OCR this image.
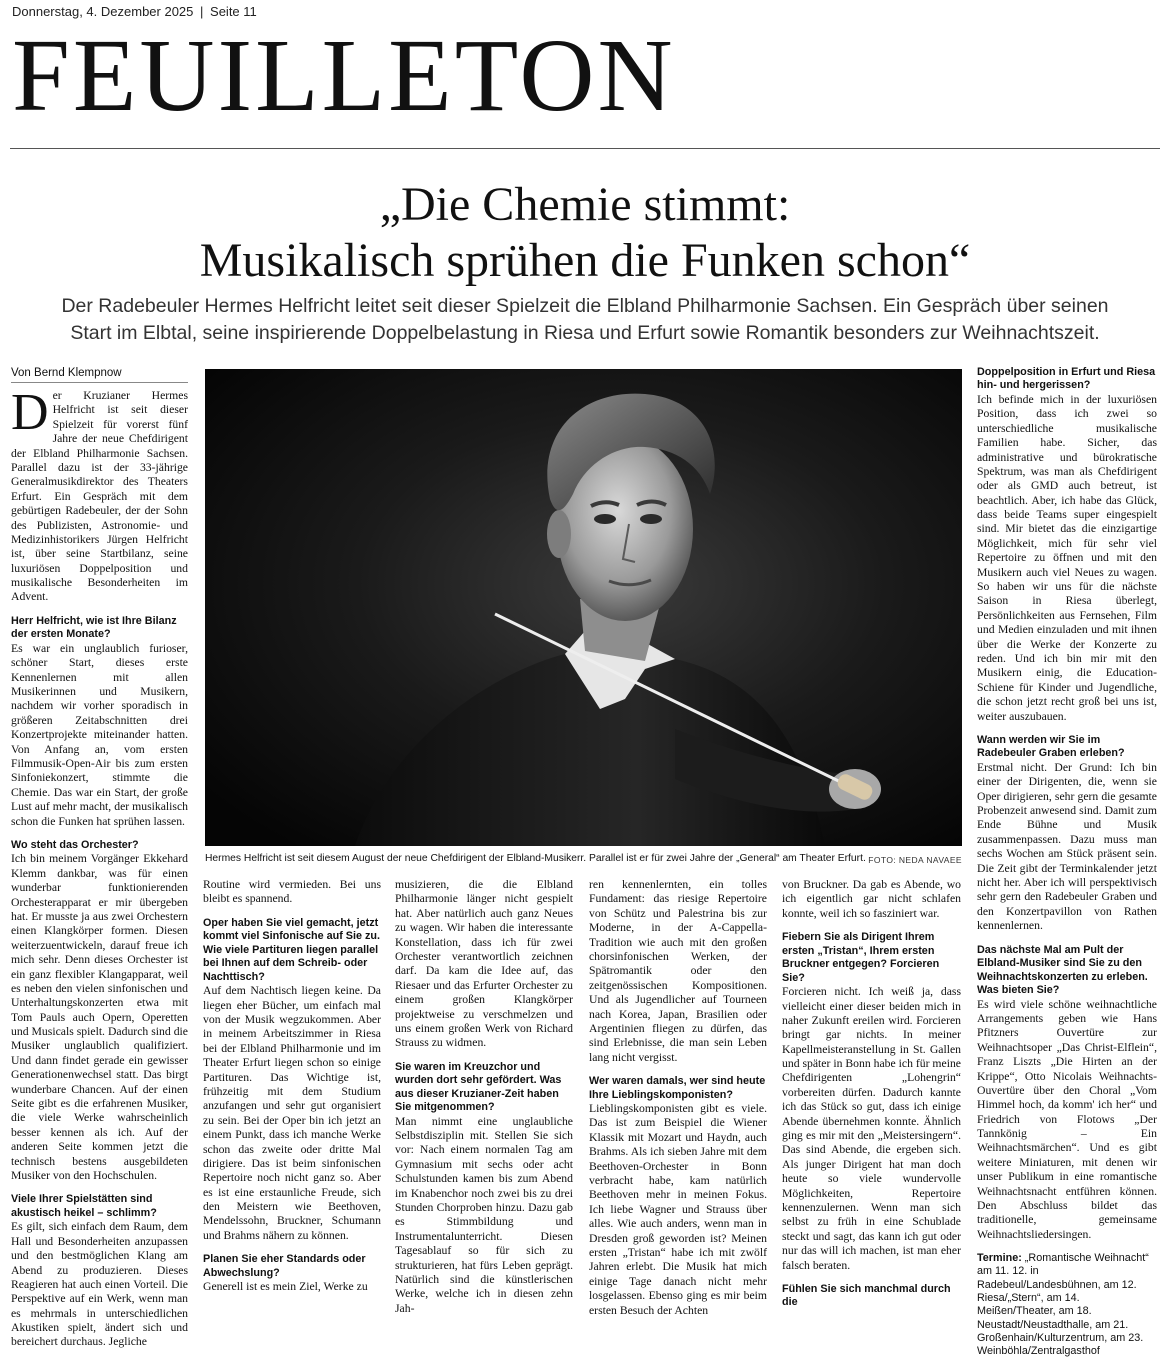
Donnerstag, 4. Dezember 2025 | Seite 11
FEUILLETON
„Die Chemie stimmt:
Musikalisch sprühen die Funken schon“
Der Radebeuler Hermes Helfricht leitet seit dieser Spielzeit die Elbland Philharmonie Sachsen. Ein Gespräch über seinen
Start im Elbtal, seine inspirierende Doppelbelastung in Riesa und Erfurt sowie Romantik besonders zur Weihnachtszeit.
Von Bernd Klempnow
Hermes Helfricht ist seit diesem August der neue Chefdirigent der Elbland-Musikerr. Parallel ist er für zwei Jahre der „General“ am Theater Erfurt. FOTO: NEDA NAVAEE
D er Kruzianer Hermes Helfricht ist seit dieser Spielzeit für vorerst fünf Jahre der neue Chefdirigent der Elbland Philharmonie Sachsen. Parallel dazu ist der 33-jährige Generalmusikdirektor des Theaters Erfurt. Ein Gespräch mit dem gebürtigen Radebeuler, der der Sohn des Publizisten, Astronomie- und Medizinhistorikers Jürgen Helfricht ist, über seine Startbilanz, seine luxuriösen Doppelposition und musikalische Besonderheiten im Advent.

Herr Helfricht, wie ist Ihre Bilanz der ersten Monate?

Es war ein unglaublich furioser, schöner Start, dieses erste Kennenlernen mit allen Musikerinnen und Musikern, nachdem wir vorher sporadisch in größeren Zeitabschnitten drei Konzertprojekte miteinander hatten. Von Anfang an, vom ersten Filmmusik-Open-Air bis zum ersten Sinfoniekonzert, stimmte die Chemie. Das war ein Start, der große Lust auf mehr macht, der musikalisch schon die Funken hat sprühen lassen.

Wo steht das Orchester?

Ich bin meinem Vorgänger Ekkehard Klemm dankbar, was für einen wunderbar funktionierenden Orchesterapparat er mir übergeben hat. Er musste ja aus zwei Orchestern einen Klangkörper formen. Diesen weiterzuentwickeln, darauf freue ich mich sehr. Denn dieses Orchester ist ein ganz flexibler Klangapparat, weil es neben den vielen sinfonischen und Unterhaltungskonzerten etwa mit Tom Pauls auch Opern, Operetten und Musicals spielt. Dadurch sind die Musiker unglaublich qualifiziert. Und dann findet gerade ein gewisser Generationenwechsel statt. Das birgt wunderbare Chancen. Auf der einen Seite gibt es die erfahrenen Musiker, die viele Werke wahrscheinlich besser kennen als ich. Auf der anderen Seite kommen jetzt die technisch bestens ausgebildeten Musiker von den Hochschulen.

Viele Ihrer Spielstätten sind akustisch heikel – schlimm?

Es gilt, sich einfach dem Raum, dem Hall und Besonderheiten anzupassen und den bestmöglichen Klang am Abend zu produzieren. Dieses Reagieren hat auch einen Vorteil. Die Perspektive auf ein Werk, wenn man es mehrmals in unterschiedlichen Akustiken spielt, ändert sich und bereichert durchaus. Jegliche

Routine wird vermieden. Bei uns bleibt es spannend.

Oper haben Sie viel gemacht, jetzt kommt viel Sinfonische auf Sie zu. Wie viele Partituren liegen parallel bei Ihnen auf dem Schreib- oder Nachttisch?

Auf dem Nachtisch liegen keine. Da liegen eher Bücher, um einfach mal von der Musik wegzukommen. Aber in meinem Arbeitszimmer in Riesa bei der Elbland Philharmonie und im Theater Erfurt liegen schon so einige Partituren. Das Wichtige ist, frühzeitig mit dem Studium anzufangen und sehr gut organisiert zu sein. Bei der Oper bin ich jetzt an einem Punkt, dass ich manche Werke schon das zweite oder dritte Mal dirigiere. Das ist beim sinfonischen Repertoire noch nicht ganz so. Aber es ist eine erstaunliche Freude, sich den Meistern wie Beethoven, Mendelssohn, Bruckner, Schumann und Brahms nähern zu können.

Planen Sie eher Standards oder Abwechslung?

Generell ist es mein Ziel, Werke zu

musizieren, die die Elbland Philharmonie länger nicht gespielt hat. Aber natürlich auch ganz Neues zu wagen. Wir haben die interessante Konstellation, dass ich für zwei Orchester verantwortlich zeichnen darf. Da kam die Idee auf, das Riesaer und das Erfurter Orchester zu einem großen Klangkörper projektweise zu verschmelzen und uns einem großen Werk von Richard Strauss zu widmen.

Sie waren im Kreuzchor und wurden dort sehr gefördert. Was aus dieser Kruzianer-Zeit haben Sie mitgenommen?

Man nimmt eine unglaubliche Selbstdisziplin mit. Stellen Sie sich vor: Nach einem normalen Tag am Gymnasium mit sechs oder acht Schulstunden kamen bis zum Abend im Knabenchor noch zwei bis zu drei Stunden Chorproben hinzu. Dazu gab es Stimmbildung und Instrumentalunterricht. Diesen Tagesablauf so für sich zu strukturieren, hat fürs Leben geprägt. Natürlich sind die künstlerischen Werke, welche ich in diesen zehn Jah-

ren kennenlernten, ein tolles Fundament: das riesige Repertoire von Schütz und Palestrina bis zur Moderne, in der A-Cappella-Tradition wie auch mit den großen chorsinfonischen Werken, der Spätromantik oder den zeitgenössischen Kompositionen. Und als Jugendlicher auf Tourneen nach Korea, Japan, Brasilien oder Argentinien fliegen zu dürfen, das sind Erlebnisse, die man sein Leben lang nicht vergisst.

Wer waren damals, wer sind heute Ihre Lieblingskomponisten?

Lieblingskomponisten gibt es viele. Das ist zum Beispiel die Wiener Klassik mit Mozart und Haydn, auch Brahms. Als ich sieben Jahre mit dem Beethoven-Orchester in Bonn verbracht habe, kam natürlich Beethoven mehr in meinen Fokus. Ich liebe Wagner und Strauss über alles. Wie auch anders, wenn man in Dresden groß geworden ist? Meinen ersten „Tristan“ habe ich mit zwölf Jahren erlebt. Die Musik hat mich einige Tage danach nicht mehr losgelassen. Ebenso ging es mir beim ersten Besuch der Achten

von Bruckner. Da gab es Abende, wo ich eigentlich gar nicht schlafen konnte, weil ich so fasziniert war.

Fiebern Sie als Dirigent Ihrem ersten „Tristan“, Ihrem ersten Bruckner entgegen? Forcieren Sie?

Forcieren nicht. Ich weiß ja, dass vielleicht einer dieser beiden mich in naher Zukunft ereilen wird. Forcieren bringt gar nichts. In meiner Kapellmeisteranstellung in St. Gallen und später in Bonn habe ich für meine Chefdirigenten „Lohengrin“ vorbereiten dürfen. Dadurch kannte ich das Stück so gut, dass ich einige Abende übernehmen konnte. Ähnlich ging es mir mit den „Meistersingern“. Das sind Abende, die ergeben sich. Als junger Dirigent hat man doch heute so viele wundervolle Möglichkeiten, Repertoire kennenzulernen. Wenn man sich selbst zu früh in eine Schublade steckt und sagt, das kann ich gut oder nur das will ich machen, ist man eher falsch beraten.

Fühlen Sie sich manchmal durch die
Doppelposition in Erfurt und Riesa hin- und hergerissen?

Ich befinde mich in der luxuriösen Position, dass ich zwei so unterschiedliche musikalische Familien habe. Sicher, das administrative und bürokratische Spektrum, was man als Chefdirigent oder als GMD auch betreut, ist beachtlich. Aber, ich habe das Glück, dass beide Teams super eingespielt sind. Mir bietet das die einzigartige Möglichkeit, mich für sehr viel Repertoire zu öffnen und mit den Musikern auch viel Neues zu wagen. So haben wir uns für die nächste Saison in Riesa überlegt, Persönlichkeiten aus Fernsehen, Film und Medien einzuladen und mit ihnen über die Werke der Konzerte zu reden. Und ich bin mir mit den Musikern einig, die Education-Schiene für Kinder und Jugendliche, die schon jetzt recht groß bei uns ist, weiter auszubauen.

Wann werden wir Sie im Radebeuler Graben erleben?

Erstmal nicht. Der Grund: Ich bin einer der Dirigenten, die, wenn sie Oper dirigieren, sehr gern die gesamte Probenzeit anwesend sind. Damit zum Ende Bühne und Musik zusammenpassen. Dazu muss man sechs Wochen am Stück präsent sein. Die Zeit gibt der Terminkalender jetzt nicht her. Aber ich will perspektivisch sehr gern den Radebeuler Graben und den Konzertpavillon von Rathen kennenlernen.

Das nächste Mal am Pult der Elbland-Musiker sind Sie zu den Weihnachtskonzerten zu erleben. Was bieten Sie?

Es wird viele schöne weihnachtliche Arrangements geben wie Hans Pfitzners Ouvertüre zur Weihnachtsoper „Das Christ-Elflein“, Franz Liszts „Die Hirten an der Krippe“, Otto Nicolais Weihnachts-Ouvertüre über den Choral „Vom Himmel hoch, da komm' ich her“ und Friedrich von Flotows „Der Tannkönig – Ein Weihnachtsmärchen“. Und es gibt weitere Miniaturen, mit denen wir unser Publikum in eine romantische Weihnachtsnacht entführen können. Den Abschluss bildet das traditionelle, gemeinsame Weihnachtsliedersingen.

Termine: „Romantische Weihnacht“ am 11. 12. in Radebeul/Landesbühnen, am 12. Riesa/„Stern“, am 14. Meißen/Theater, am 18. Neustadt/Neustadthalle, am 21. Großenhain/Kulturzentrum, am 23. Weinböhla/Zentralgasthof
